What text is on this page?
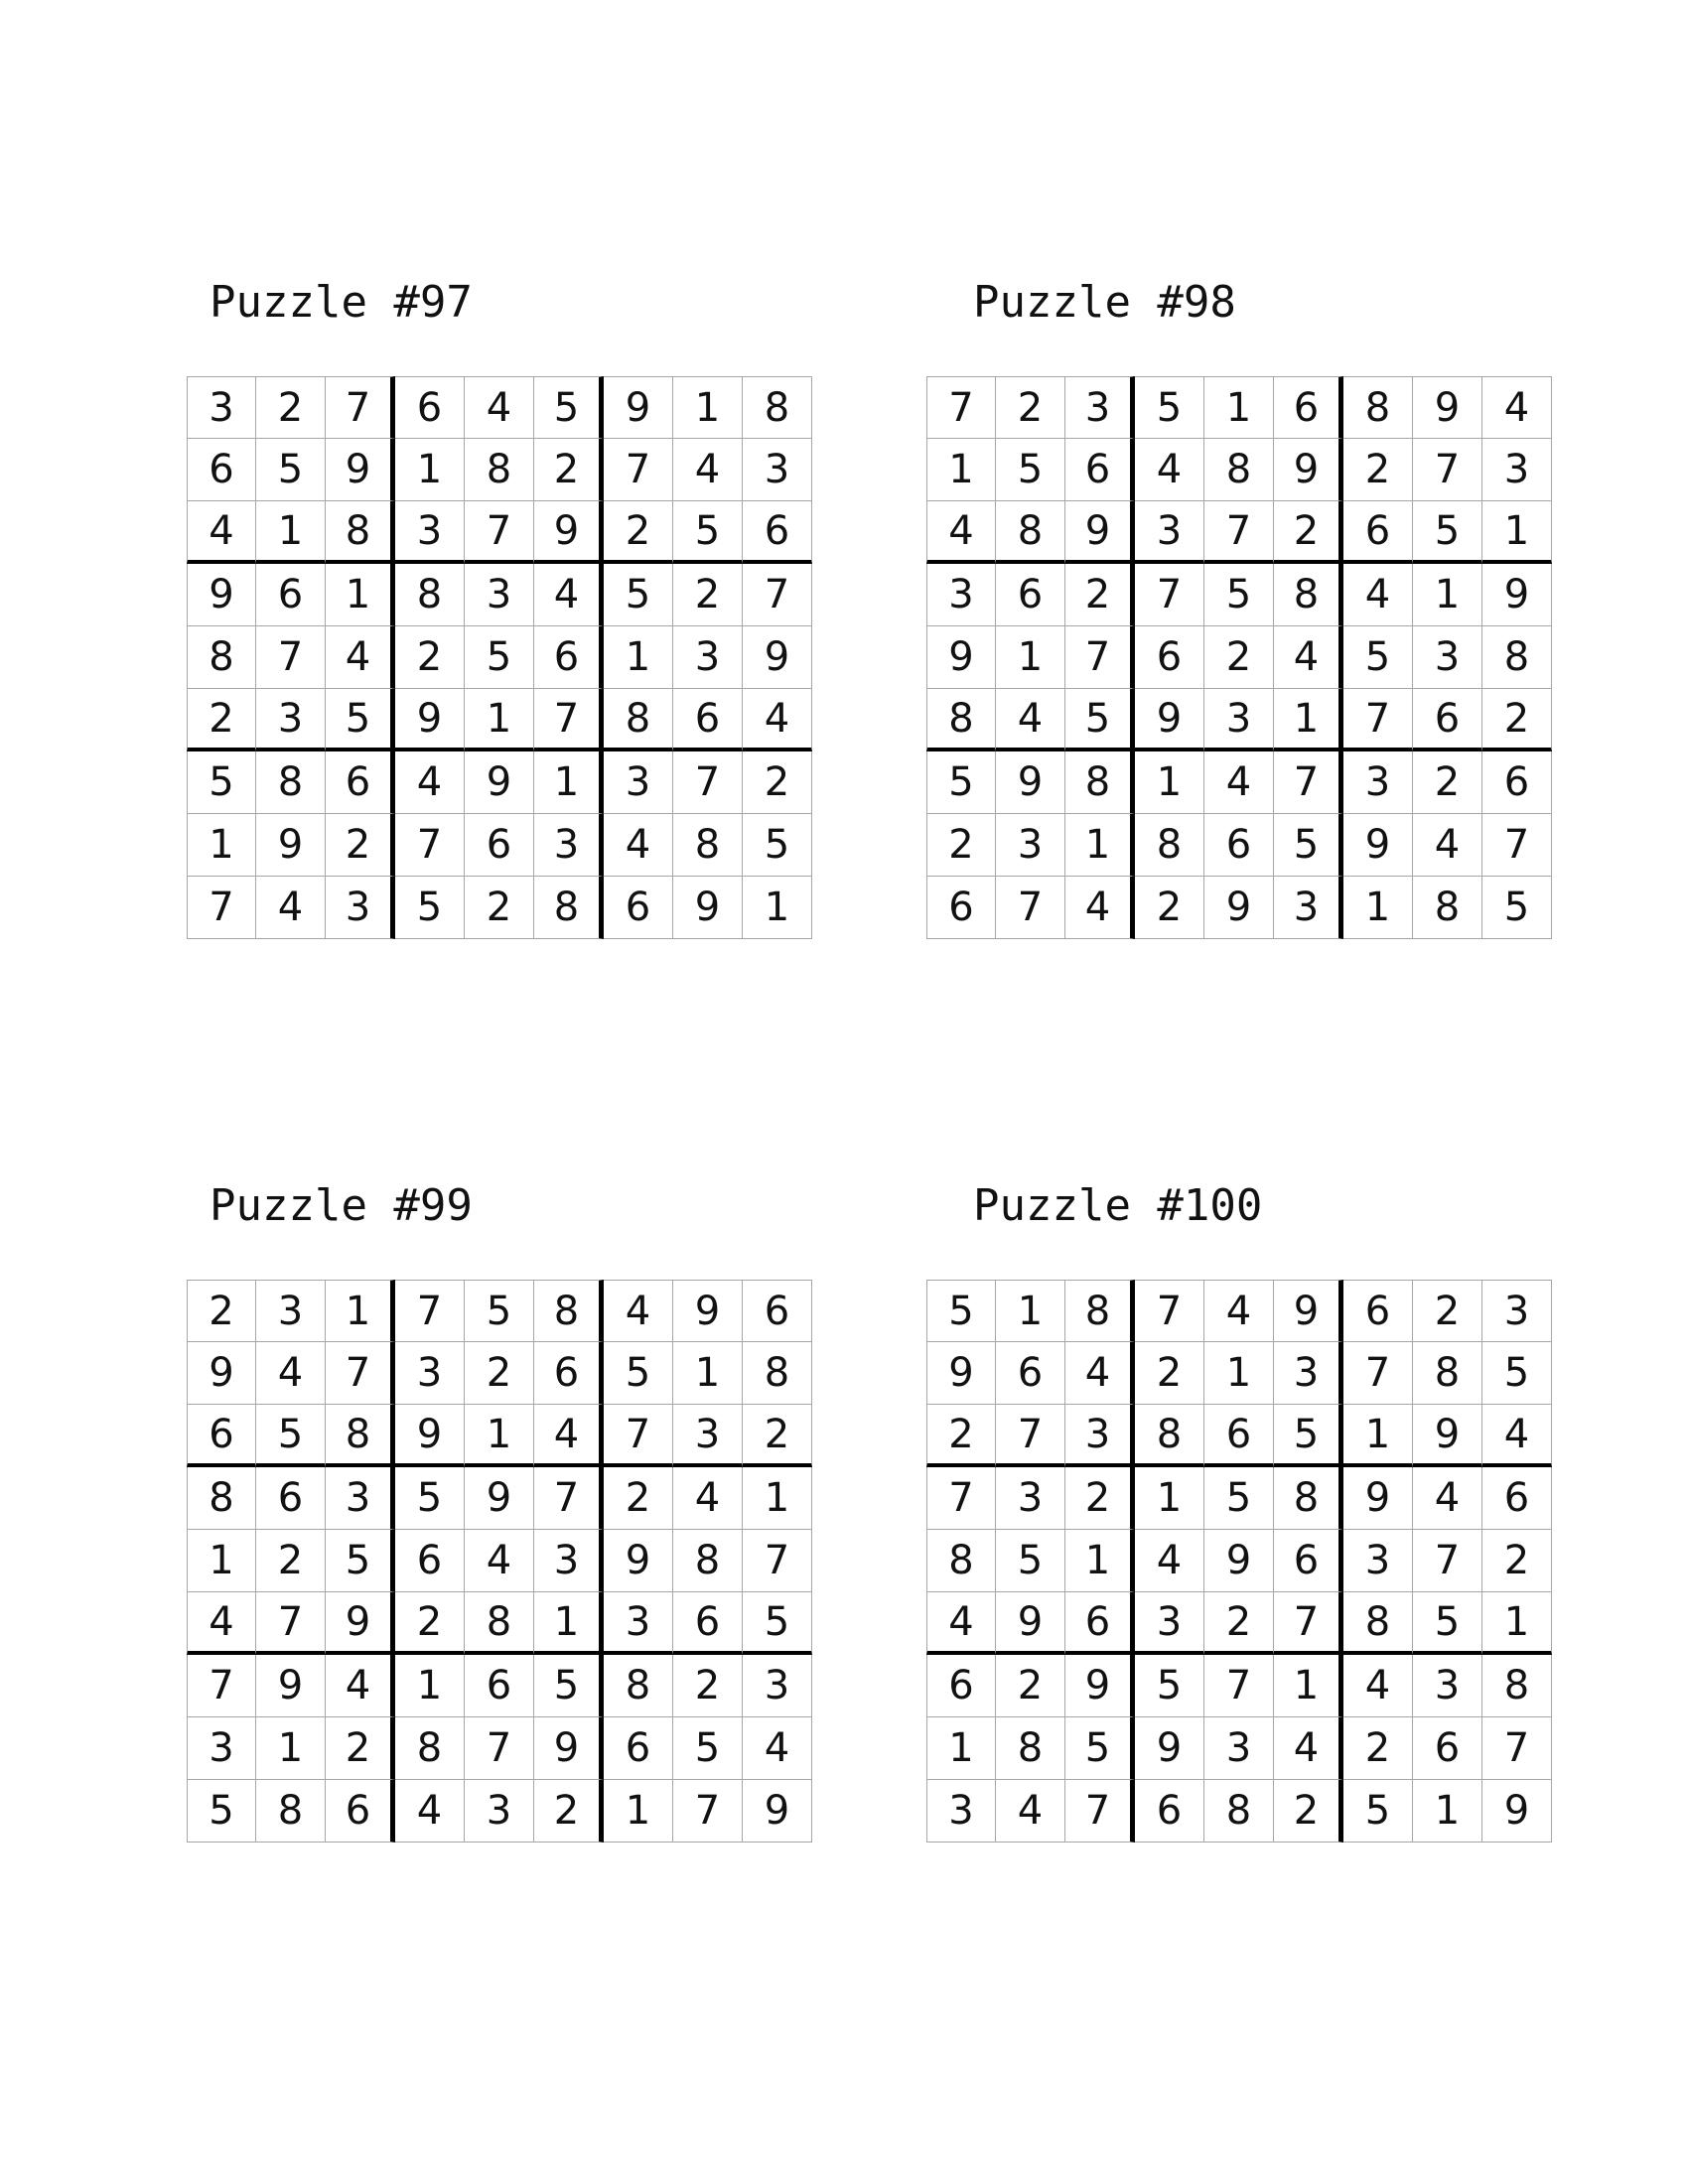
Puzzle #97
3	2	7	6	4	5	9	1	8
6	5	9	1	8	2	7	4	3
4	1	8	3	7	9	2	5	6
9	6	1	8	3	4	5	2	7
8	7	4	2	5	6	1	3	9
2	3	5	9	1	7	8	6	4
5	8	6	4	9	1	3	7	2
1	9	2	7	6	3	4	8	5
7	4	3	5	2	8	6	9	1
Puzzle #98
7	2	3	5	1	6	8	9	4
1	5	6	4	8	9	2	7	3
4	8	9	3	7	2	6	5	1
3	6	2	7	5	8	4	1	9
9	1	7	6	2	4	5	3	8
8	4	5	9	3	1	7	6	2
5	9	8	1	4	7	3	2	6
2	3	1	8	6	5	9	4	7
6	7	4	2	9	3	1	8	5
Puzzle #99
2	3	1	7	5	8	4	9	6
9	4	7	3	2	6	5	1	8
6	5	8	9	1	4	7	3	2
8	6	3	5	9	7	2	4	1
1	2	5	6	4	3	9	8	7
4	7	9	2	8	1	3	6	5
7	9	4	1	6	5	8	2	3
3	1	2	8	7	9	6	5	4
5	8	6	4	3	2	1	7	9
Puzzle #100
5	1	8	7	4	9	6	2	3
9	6	4	2	1	3	7	8	5
2	7	3	8	6	5	1	9	4
7	3	2	1	5	8	9	4	6
8	5	1	4	9	6	3	7	2
4	9	6	3	2	7	8	5	1
6	2	9	5	7	1	4	3	8
1	8	5	9	3	4	2	6	7
3	4	7	6	8	2	5	1	9
